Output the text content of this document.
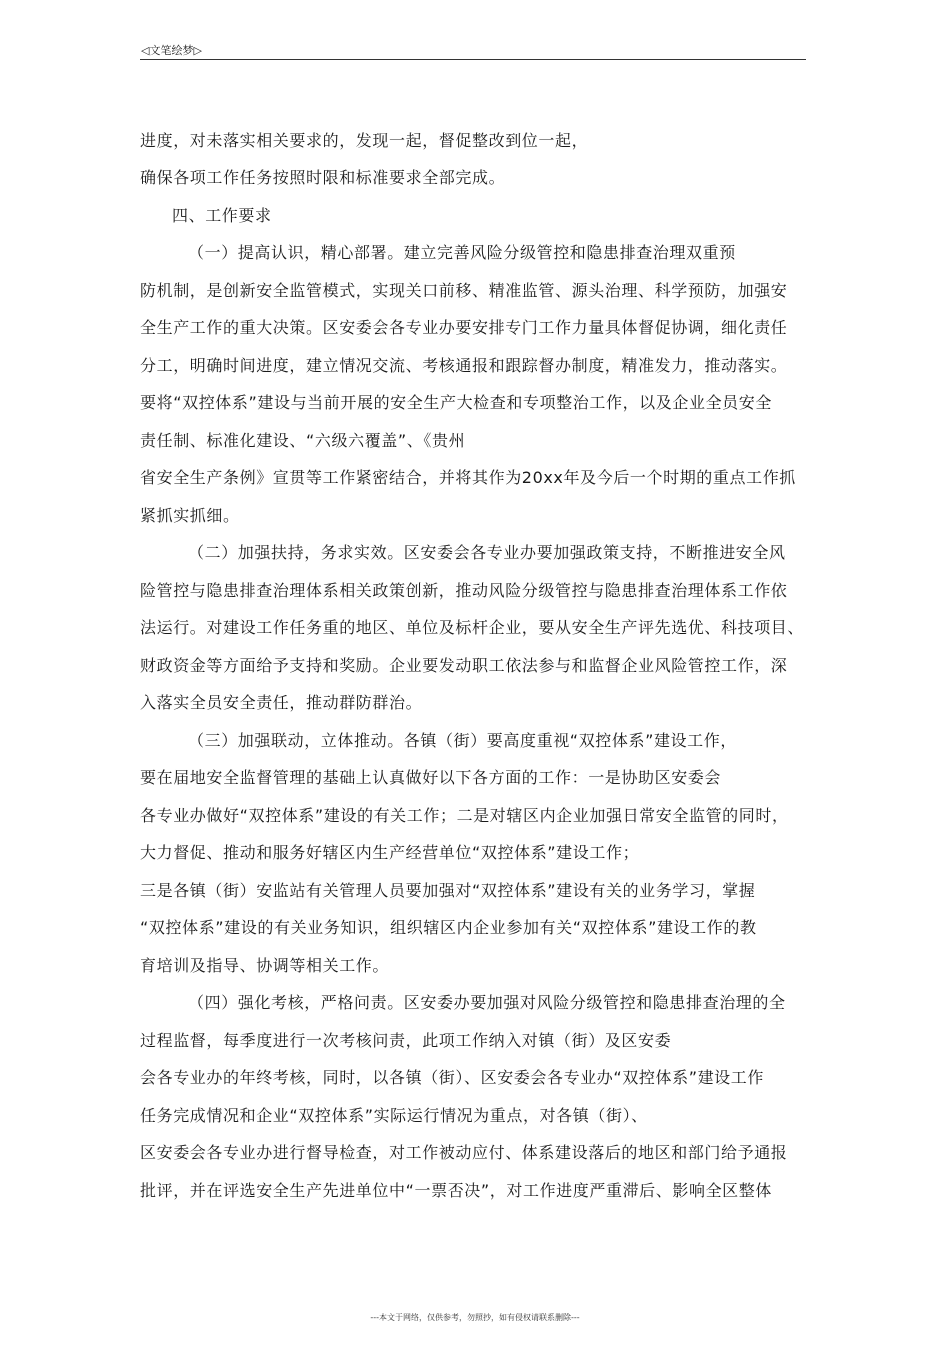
◁文笔绘梦▷
进度，对未落实相关要求的，发现一起，督促整改到位一起，
确保各项工作任务按照时限和标准要求全部完成。
四、工作要求
（一）提高认识，精心部署。建立完善风险分级管控和隐患排查治理双重预
防机制，是创新安全监管模式，实现关口前移、精准监管、源头治理、科学预防，加强安
全生产工作的重大决策。区安委会各专业办要安排专门工作力量具体督促协调，细化责任
分工，明确时间进度，建立情况交流、考核通报和跟踪督办制度，精准发力，推动落实。
要将“双控体系”建设与当前开展的安全生产大检查和专项整治工作，以及企业全员安全
责任制、标准化建设、“六级六覆盖”、《贵州
省安全生产条例》宣贯等工作紧密结合，并将其作为20xx年及今后一个时期的重点工作抓
紧抓实抓细。
（二）加强扶持，务求实效。区安委会各专业办要加强政策支持，不断推进安全风
险管控与隐患排查治理体系相关政策创新，推动风险分级管控与隐患排查治理体系工作依
法运行。对建设工作任务重的地区、单位及标杆企业，要从安全生产评先选优、科技项目、
财政资金等方面给予支持和奖励。企业要发动职工依法参与和监督企业风险管控工作，深
入落实全员安全责任，推动群防群治。
（三）加强联动，立体推动。各镇（街）要高度重视“双控体系”建设工作，
要在届地安全监督管理的基础上认真做好以下各方面的工作：一是协助区安委会
各专业办做好“双控体系”建设的有关工作；二是对辖区内企业加强日常安全监管的同时，
大力督促、推动和服务好辖区内生产经营单位“双控体系”建设工作；
三是各镇（街）安监站有关管理人员要加强对“双控体系”建设有关的业务学习，掌握
“双控体系”建设的有关业务知识，组织辖区内企业参加有关“双控体系”建设工作的教
育培训及指导、协调等相关工作。
（四）强化考核，严格问责。区安委办要加强对风险分级管控和隐患排查治理的全
过程监督，每季度进行一次考核问责，此项工作纳入对镇（街）及区安委
会各专业办的年终考核，同时，以各镇（街）、区安委会各专业办“双控体系”建设工作
任务完成情况和企业“双控体系”实际运行情况为重点，对各镇（街）、
区安委会各专业办进行督导检查，对工作被动应付、体系建设落后的地区和部门给予通报
批评，并在评选安全生产先进单位中“一票否决”，对工作进度严重滞后、影响全区整体
---本文于网络，仅供参考，勿照抄，如有侵权请联系删除---
